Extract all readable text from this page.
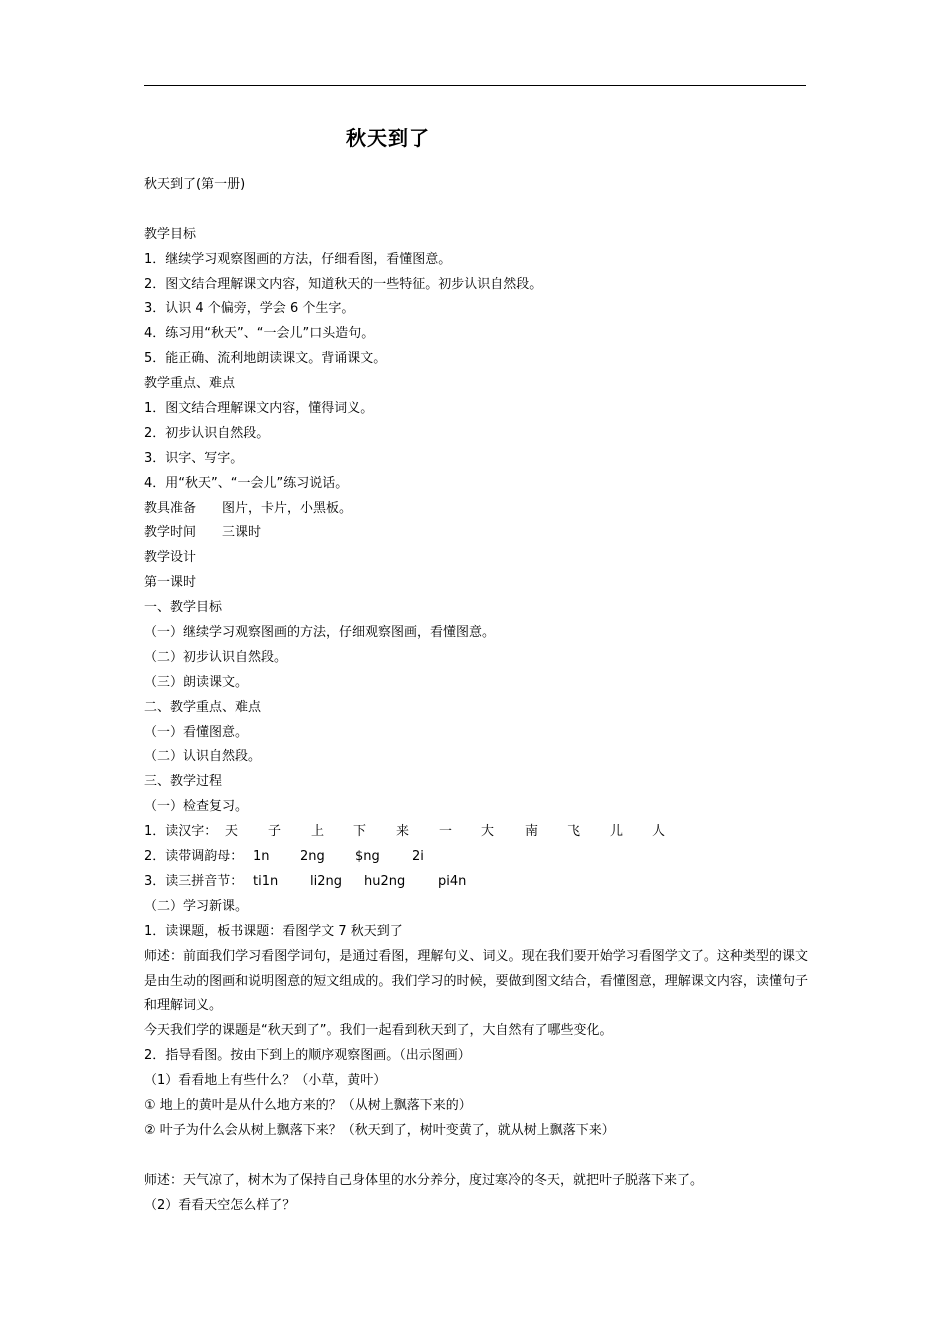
秋天到了
秋天到了(第一册)
教学目标
1．继续学习观察图画的方法，仔细看图，看懂图意。
2．图文结合理解课文内容，知道秋天的一些特征。初步认识自然段。
3．认识 4 个偏旁，学会 6 个生字。
4．练习用“秋天”、“一会儿”口头造句。
5．能正确、流利地朗读课文。背诵课文。
教学重点、难点
1．图文结合理解课文内容，懂得词义。
2．初步认识自然段。
3．识字、写字。
4．用“秋天”、“一会儿”练习说话。
教具准备　　图片，卡片，小黑板。
教学时间　　三课时
教学设计
第一课时
一、教学目标
（一）继续学习观察图画的方法，仔细观察图画，看懂图意。
（二）初步认识自然段。
（三）朗读课文。
二、教学重点、难点
（一）看懂图意。
（二）认识自然段。
三、教学过程
（一）检查复习。
1．读汉字： 天 子 上 下 来 一 大 南 飞 儿 人
2．读带调韵母： 1n 2ng $ng 2i
3．读三拼音节： ti1n li2ng hu2ng	pi4n
（二）学习新课。
1．读课题，板书课题：看图学文 7 秋天到了
师述：前面我们学习看图学词句，是通过看图，理解句义、词义。现在我们要开始学习看图学文了。这种类型的课文是由生动的图画和说明图意的短文组成的。我们学习的时候，要做到图文结合，看懂图意，理解课文内容，读懂句子和理解词义。
今天我们学的课题是“秋天到了”。我们一起看到秋天到了，大自然有了哪些变化。
2．指导看图。按由下到上的顺序观察图画。（出示图画）
（1）看看地上有些什么？（小草，黄叶）
① 地上的黄叶是从什么地方来的？（从树上飘落下来的）
② 叶子为什么会从树上飘落下来？（秋天到了，树叶变黄了，就从树上飘落下来）
师述：天气凉了，树木为了保持自己身体里的水分养分，度过寒冷的冬天，就把叶子脱落下来了。
（2）看看天空怎么样了？
